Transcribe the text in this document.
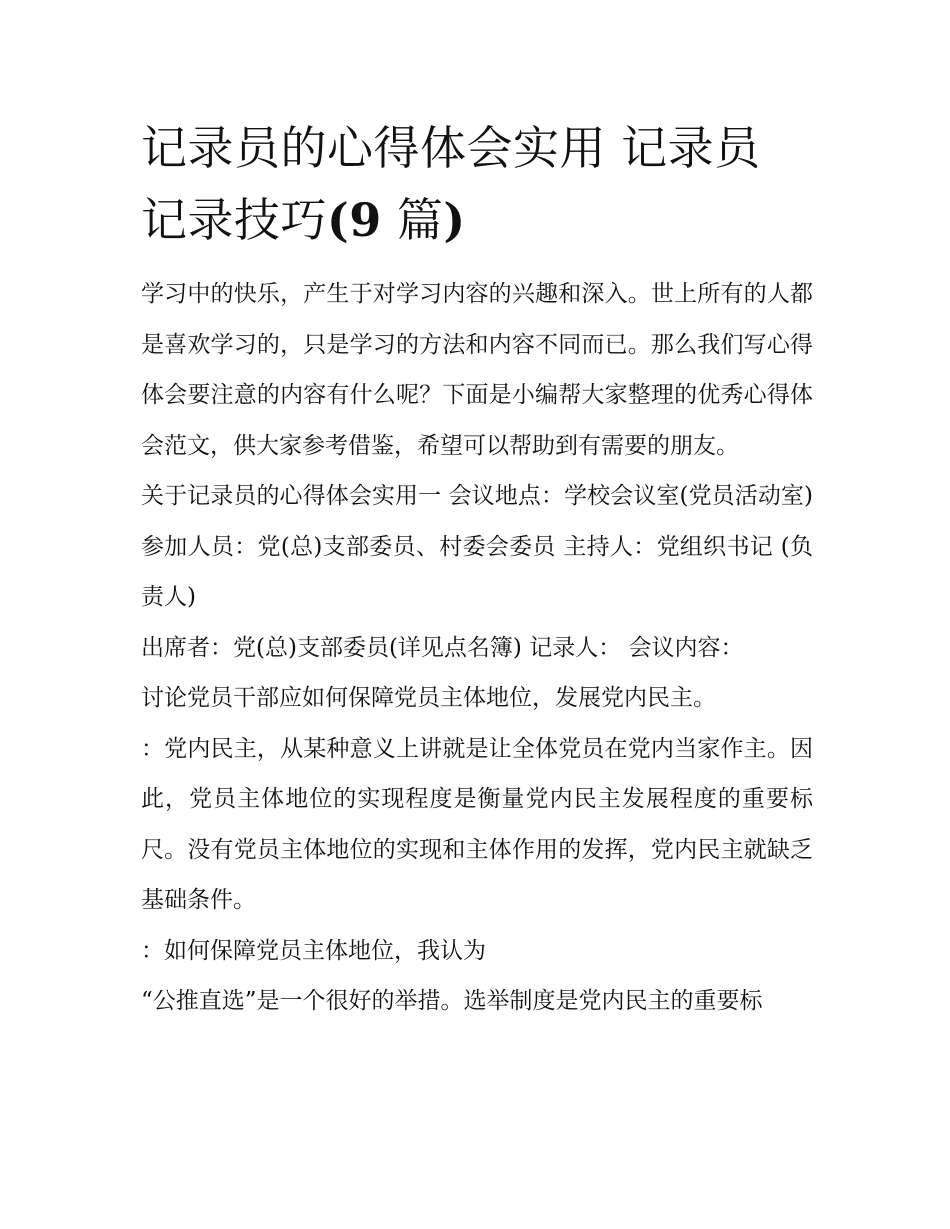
记录员的心得体会实用 记录员
记录技巧(9 篇)

学习中的快乐，产生于对学习内容的兴趣和深入。世上所有的人都是喜欢学习的，只是学习的方法和内容不同而已。那么我们写心得体会要注意的内容有什么呢？下面是小编帮大家整理的优秀心得体会范文，供大家参考借鉴，希望可以帮助到有需要的朋友。

关于记录员的心得体会实用一 会议地点：学校会议室(党员活动室) 参加人员：党(总)支部委员、村委会委员 主持人：党组织书记 (负责人)

出席者：党(总)支部委员(详见点名簿) 记录人： 会议内容：

讨论党员干部应如何保障党员主体地位，发展党内民主。

：党内民主，从某种意义上讲就是让全体党员在党内当家作主。因此，党员主体地位的实现程度是衡量党内民主发展程度的重要标尺。没有党员主体地位的实现和主体作用的发挥，党内民主就缺乏基础条件。

：如何保障党员主体地位，我认为

“公推直选”是一个很好的举措。选举制度是党内民主的重要标
